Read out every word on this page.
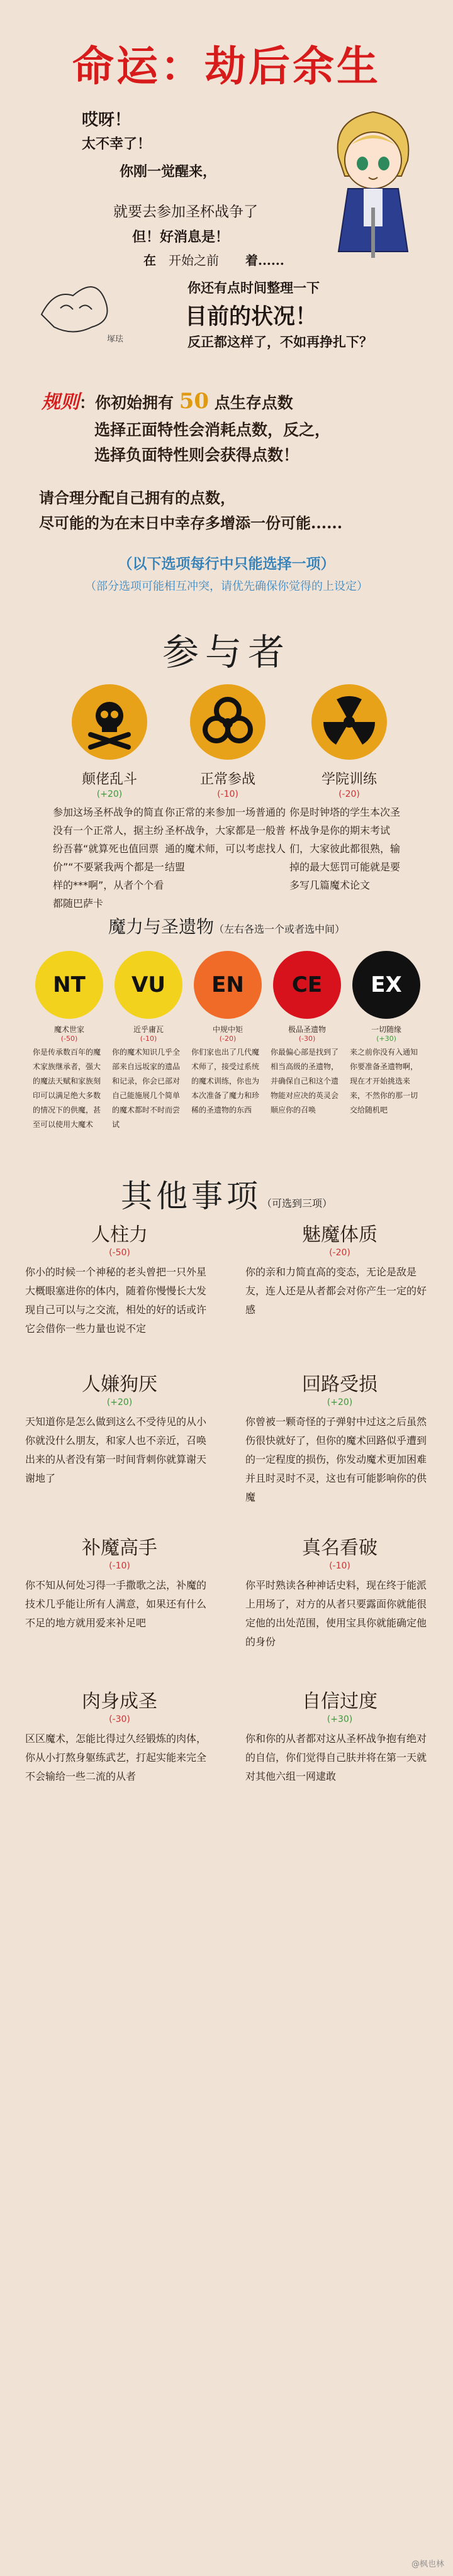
命运：劫后余生
哎呀！
太不幸了！
你刚一觉醒来，
就要去参加圣杯战争了
但！好消息是！
在 开始之前 着......
塚珐
你还有点时间整理一下
目前的状况！
反正都这样了，不如再挣扎下？
规则：你初始拥有 50 点生存点数
选择正面特性会消耗点数，反之，
选择负面特性则会获得点数！
请合理分配自己拥有的点数，
尽可能的为在末日中幸存多增添一份可能......
（以下选项每行中只能选择一项）
（部分选项可能相互冲突，请优先确保你觉得的上设定）
参与者
颠佬乱斗
(+20)
参加这场圣杯战争的简直没有一个正常人，据主纷纷吾暮“就算死也值回票价”“不要紧我两个都是一样的***啊”，从者个个看都随巴萨卡
正常参战
(-10)
你正常的来参加一场普通的圣杯战争，大家都是一般普通的魔术师，可以考虑找人结盟
学院训练
(-20)
你是时钟塔的学生本次圣杯战争是你的期末考试们，大家彼此都很熟，输掉的最大惩罚可能就是要多写几篇魔术论文
魔力与圣遗物（左右各选一个或者选中间）
NT
魔术世家
(-50)
你是传承数百年的魔术家族继承者，强大的魔法天赋和家族刻印可以满足绝大多数的情况下的供魔，甚至可以使用大魔术
VU
近乎庸瓦
(-10)
你的魔术知识几乎全部来自远坂家的遗品和记录，你会已部对自己能施展几个简单的魔术都时不时而尝试
EN
中规中矩
(-20)
你们家也出了几代魔术师了，接受过系统的魔术训练，你也为本次准备了魔力和珍稀的圣遗物的东西
CE
极品圣遗物
(-30)
你最偏心部是找到了相当高级的圣遗物，并确保自己和这个遗物能对应决的英灵会顺应你的召唤
EX
一切随缘
(+30)
来之前你没有入通知你要准备圣遗物啊，现在才开始挑选来来，不然你的那一切交给随机吧
其他事项（可选到三项）
人柱力
(-50)
你小的时候一个神秘的老头曾把一只外星大概眼塞进你的体内，随着你慢慢长大发现自己可以与之交流，相处的好的话或许它会借你一些力量也说不定
魅魔体质
(-20)
你的亲和力简直高的变态，无论是敌是友，连人还是从者都会对你产生一定的好感
人嫌狗厌
(+20)
天知道你是怎么做到这么不受待见的从小你就没什么朋友，和家人也不亲近，召唤出来的从者没有第一时间背刺你就算谢天谢地了
回路受损
(+20)
你曾被一颗奇怪的子弹射中过这之后虽然伤很快就好了，但你的魔术回路似乎遭到的一定程度的损伤，你发动魔术更加困难并且时灵时不灵，这也有可能影响你的供魔
补魔高手
(-10)
你不知从何处习得一手撒歌之法，补魔的技术几乎能让所有人满意，如果还有什么不足的地方就用爱来补足吧
真名看破
(-10)
你平时熟读各种神话史料，现在终于能派上用场了，对方的从者只要露面你就能很定他的出处范围，使用宝具你就能确定他的身份
肉身成圣
(-30)
区区魔术，怎能比得过久经锻炼的肉体，你从小打熬身躯练武艺，打起实能来完全不会输给一些二流的从者
自信过度
(+30)
你和你的从者都对这从圣杯战争抱有绝对的自信，你们觉得自己肤并将在第一天就对其他六组一网逮敢
@枫也林
